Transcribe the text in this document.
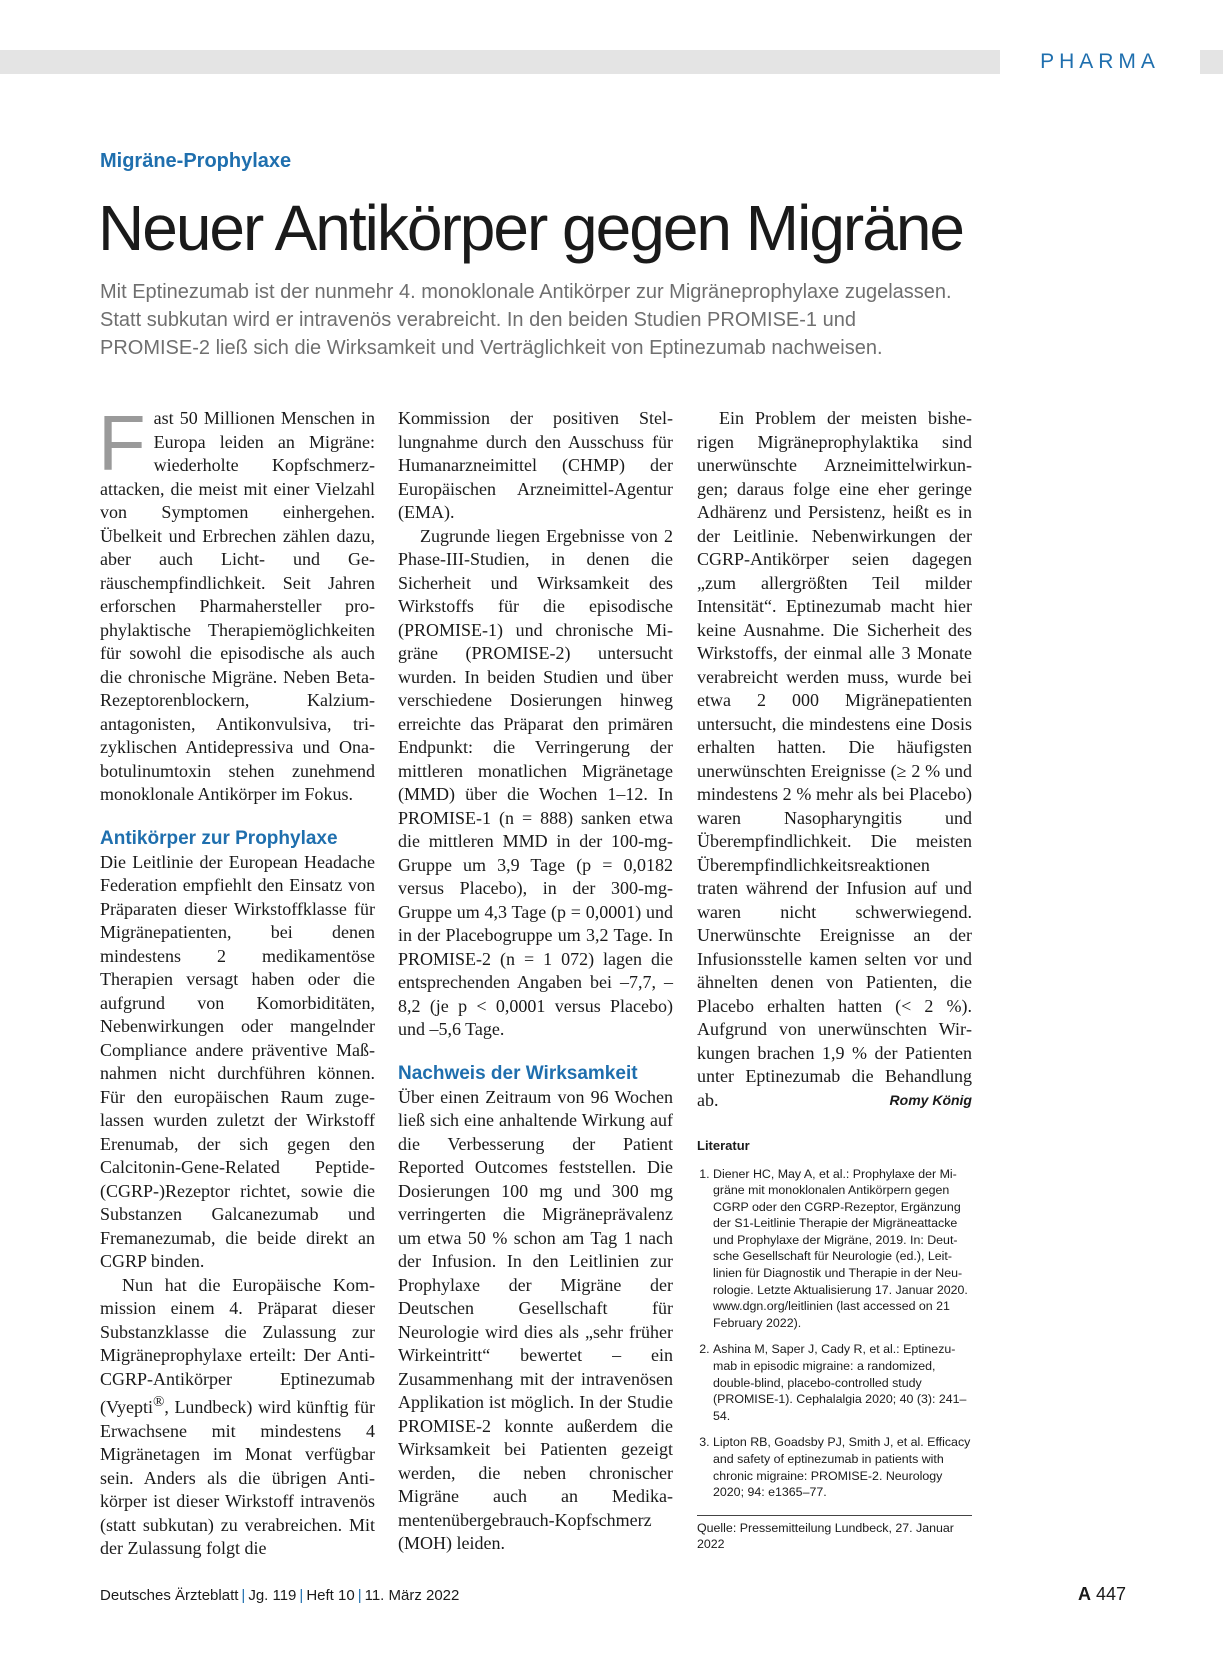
PHARMA
Migräne-Prophylaxe
Neuer Antikörper gegen Migräne

Mit Eptinezumab ist der nunmehr 4. monoklonale Antikörper zur Migräneprophylaxe zugelassen. Statt subkutan wird er intravenös verabreicht. In den beiden Studien PROMISE-1 und PROMISE-2 ließ sich die Wirksamkeit und Verträglichkeit von Eptinezumab nachweisen.

Fast 50 Millionen Menschen in Europa leiden an Migräne: wiederholte Kopfschmerzattacken, die meist mit einer Vielzahl von Symptomen einhergehen. Übelkeit und Erbrechen zählen dazu, aber auch Licht- und Geräuschempfindlichkeit. Seit Jahren erforschen Pharmahersteller prophylaktische Therapiemöglichkeiten für sowohl die episodische als auch die chronische Migräne. Neben Beta-Rezeptorenblockern, Kalziumantagonisten, Antikonvulsiva, trizyklischen Antidepressiva und Onabotulinumtoxin stehen zunehmend monoklonale Antikörper im Fokus.

Antikörper zur Prophylaxe

Die Leitlinie der European Headache Federation empfiehlt den Einsatz von Präparaten dieser Wirkstoffklasse für Migränepatienten, bei denen mindestens 2 medikamentöse Therapien versagt haben oder die aufgrund von Komorbiditäten, Nebenwirkungen oder mangelnder Compliance andere präventive Maßnahmen nicht durchführen können. Für den europäischen Raum zugelassen wurden zuletzt der Wirkstoff Erenumab, der sich gegen den Calcitonin-Gene-Related Peptide-(CGRP-)Rezeptor richtet, sowie die Substanzen Galcanezumab und Fremanezumab, die beide direkt an CGRP binden.

Nun hat die Europäische Kommission einem 4. Präparat dieser Substanzklasse die Zulassung zur Migräneprophylaxe erteilt: Der Anti-CGRP-Antikörper Eptinezumab (Vyepti®, Lundbeck) wird künftig für Erwachsene mit mindestens 4 Migränetagen im Monat verfügbar sein. Anders als die übrigen Antikörper ist dieser Wirkstoff intravenös (statt subkutan) zu verabreichen. Mit der Zulassung folgt die

Kommission der positiven Stellungnahme durch den Ausschuss für Humanarzneimittel (CHMP) der Europäischen Arzneimittel-Agentur (EMA).

Zugrunde liegen Ergebnisse von 2 Phase-III-Studien, in denen die Sicherheit und Wirksamkeit des Wirkstoffs für die episodische (PROMISE-1) und chronische Migräne (PROMISE-2) untersucht wurden. In beiden Studien und über verschiedene Dosierungen hinweg erreichte das Präparat den primären Endpunkt: die Verringerung der mittleren monatlichen Migränetage (MMD) über die Wochen 1–12. In PROMISE-1 (n = 888) sanken etwa die mittleren MMD in der 100-mg-Gruppe um 3,9 Tage (p = 0,0182 versus Placebo), in der 300-mg-Gruppe um 4,3 Tage (p = 0,0001) und in der Placebogruppe um 3,2 Tage. In PROMISE-2 (n = 1 072) lagen die entsprechenden Angaben bei –7,7, –8,2 (je p < 0,0001 versus Placebo) und –5,6 Tage.

Nachweis der Wirksamkeit

Über einen Zeitraum von 96 Wochen ließ sich eine anhaltende Wirkung auf die Verbesserung der Patient Reported Outcomes feststellen. Die Dosierungen 100 mg und 300 mg verringerten die Migräneprävalenz um etwa 50 % schon am Tag 1 nach der Infusion. In den Leitlinien zur Prophylaxe der Migräne der Deutschen Gesellschaft für Neurologie wird dies als „sehr früher Wirkeintritt“ bewertet – ein Zusammenhang mit der intravenösen Applikation ist möglich. In der Studie PROMISE-2 konnte außerdem die Wirksamkeit bei Patienten gezeigt werden, die neben chronischer Migräne auch an Medikamentenübergebrauch-Kopfschmerz (MOH) leiden.

Ein Problem der meisten bisherigen Migräneprophylaktika sind unerwünschte Arzneimittelwirkungen; daraus folge eine eher geringe Adhärenz und Persistenz, heißt es in der Leitlinie. Nebenwirkungen der CGRP-Antikörper seien dagegen „zum allergrößten Teil milder Intensität“. Eptinezumab macht hier keine Ausnahme. Die Sicherheit des Wirkstoffs, der einmal alle 3 Monate verabreicht werden muss, wurde bei etwa 2 000 Migränepatienten untersucht, die mindestens eine Dosis erhalten hatten. Die häufigsten unerwünschten Ereignisse (≥ 2 % und mindestens 2 % mehr als bei Placebo) waren Nasopharyngitis und Überempfindlichkeit. Die meisten Überempfindlichkeitsreaktionen traten während der Infusion auf und waren nicht schwerwiegend. Unerwünschte Ereignisse an der Infusionsstelle kamen selten vor und ähnelten denen von Patienten, die Placebo erhalten hatten (< 2 %). Aufgrund von unerwünschten Wirkungen brachen 1,9 % der Patienten unter Eptinezumab die Behandlung ab.	Romy König

Literatur
1. Diener HC, May A, et al.: Prophylaxe der Migräne mit monoklonalen Antikörpern gegen CGRP oder den CGRP-Rezeptor, Ergänzung der S1-Leitlinie Therapie der Migräneattacke und Prophylaxe der Migräne, 2019. In: Deutsche Gesellschaft für Neurologie (ed.), Leitlinien für Diagnostik und Therapie in der Neurologie. Letzte Aktualisierung 17. Januar 2020. www.dgn.org/leitlinien (last accessed on 21 February 2022).
2. Ashina M, Saper J, Cady R, et al.: Eptinezumab in episodic migraine: a randomized, double-blind, placebo-controlled study (PROMISE-1). Cephalalgia 2020; 40 (3): 241–54.
3. Lipton RB, Goadsby PJ, Smith J, et al. Efficacy and safety of eptinezumab in patients with chronic migraine: PROMISE-2. Neurology 2020; 94: e1365–77.
Quelle: Pressemitteilung Lundbeck, 27. Januar 2022
Deutsches Ärzteblatt | Jg. 119 | Heft 10 | 11. März 2022	A 447
